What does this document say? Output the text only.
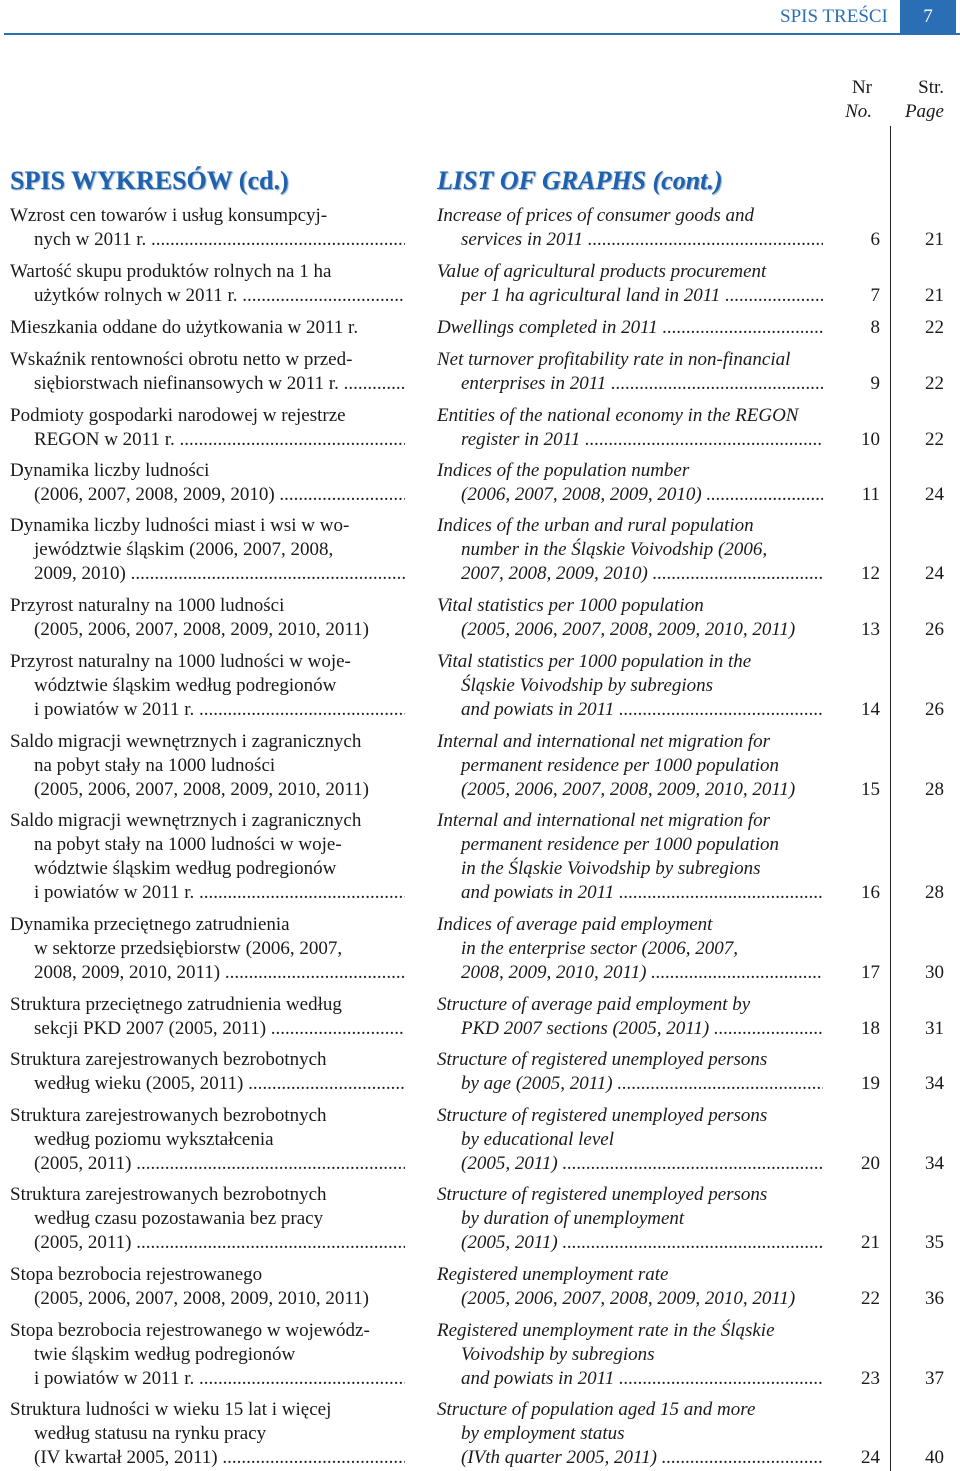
SPIS TREŚCI	7
Nr
No.
Str.
Page
SPIS WYKRESÓW (cd.)	LIST OF GRAPHS (cont.)
Wzrost cen towarów i usług konsumpcyj-
nych w 2011 r. .....
Increase of prices of consumer goods and
services in 2011 .....	6	21
Wartość skupu produktów rolnych na 1 ha
użytków rolnych w 2011 r. .....
Value of agricultural products procurement
per 1 ha agricultural land in 2011 .....	7	21
Mieszkania oddane do użytkowania w 2011 r.	Dwellings completed in 2011 .....	8	22
Wskaźnik rentowności obrotu netto w przed-
siębiorstwach niefinansowych w 2011 r. .....
Net turnover profitability rate in non-financial
enterprises in 2011 .....	9	22
Podmioty gospodarki narodowej w rejestrze
REGON w 2011 r. .....
Entities of the national economy in the REGON
register in 2011 .....	10	22
Dynamika liczby ludności
(2006, 2007, 2008, 2009, 2010) .....
Indices of the population number
(2006, 2007, 2008, 2009, 2010) .....	11	24
Dynamika liczby ludności miast i wsi w wo-
jewództwie śląskim (2006, 2007, 2008,
2009, 2010) .....
Indices of the urban and rural population
number in the Śląskie Voivodship (2006,
2007, 2008, 2009, 2010) .....	12	24
Przyrost naturalny na 1000 ludności
(2005, 2006, 2007, 2008, 2009, 2010, 2011)
Vital statistics per 1000 population
(2005, 2006, 2007, 2008, 2009, 2010, 2011)	13	26
Przyrost naturalny na 1000 ludności w woje-
wództwie śląskim według podregionów
i powiatów w 2011 r. .....
Vital statistics per 1000 population in the
Śląskie Voivodship by subregions
and powiats in 2011 .....	14	26
Saldo migracji wewnętrznych i zagranicznych
na pobyt stały na 1000 ludności
(2005, 2006, 2007, 2008, 2009, 2010, 2011)
Internal and international net migration for
permanent residence per 1000 population
(2005, 2006, 2007, 2008, 2009, 2010, 2011)	15	28
Saldo migracji wewnętrznych i zagranicznych
na pobyt stały na 1000 ludności w woje-
wództwie śląskim według podregionów
i powiatów w 2011 r. .....
Internal and international net migration for
permanent residence per 1000 population
in the Śląskie Voivodship by subregions
and powiats in 2011 .....	16	28
Dynamika przeciętnego zatrudnienia
w sektorze przedsiębiorstw (2006, 2007,
2008, 2009, 2010, 2011) .....
Indices of average paid employment
in the enterprise sector (2006, 2007,
2008, 2009, 2010, 2011) .....	17	30
Struktura przeciętnego zatrudnienia według
sekcji PKD 2007 (2005, 2011) .....
Structure of average paid employment by
PKD 2007 sections (2005, 2011) .....	18	31
Struktura zarejestrowanych bezrobotnych
według wieku (2005, 2011) .....
Structure of registered unemployed persons
by age (2005, 2011) .....	19	34
Struktura zarejestrowanych bezrobotnych
według poziomu wykształcenia
(2005, 2011) .....
Structure of registered unemployed persons
by educational level
(2005, 2011) .....	20	34
Struktura zarejestrowanych bezrobotnych
według czasu pozostawania bez pracy
(2005, 2011) .....
Structure of registered unemployed persons
by duration of unemployment
(2005, 2011) .....	21	35
Stopa bezrobocia rejestrowanego
(2005, 2006, 2007, 2008, 2009, 2010, 2011)
Registered unemployment rate
(2005, 2006, 2007, 2008, 2009, 2010, 2011)	22	36
Stopa bezrobocia rejestrowanego w wojewódz-
twie śląskim według podregionów
i powiatów w 2011 r. .....
Registered unemployment rate in the Śląskie
Voivodship by subregions
and powiats in 2011 .....	23	37
Struktura ludności w wieku 15 lat i więcej
według statusu na rynku pracy
(IV kwartał 2005, 2011) .....
Structure of population aged 15 and more
by employment status
(IVth quarter 2005, 2011) .....	24	40
